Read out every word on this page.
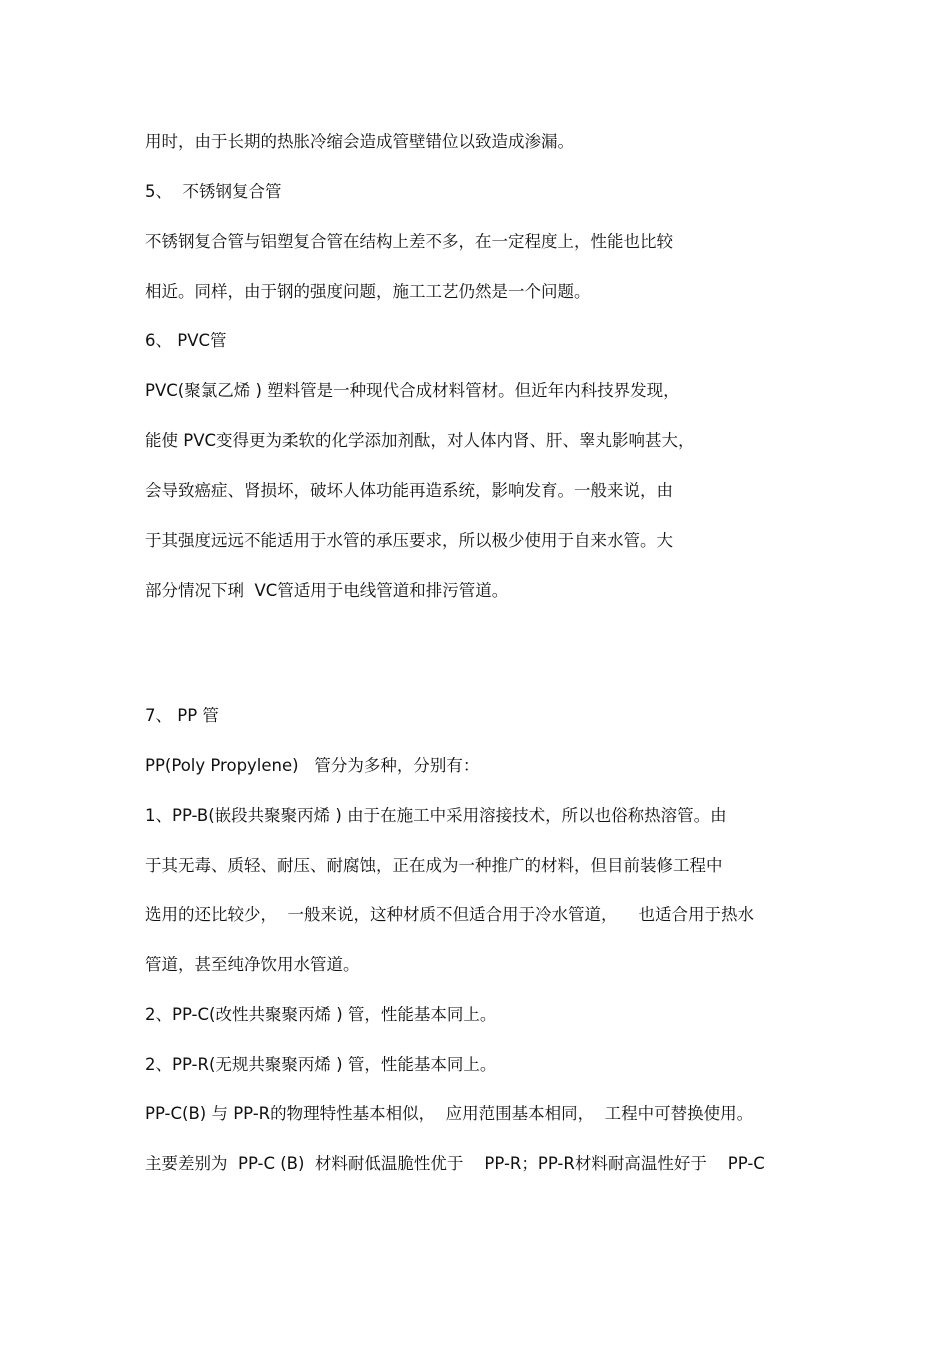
用时，由于长期的热胀冷缩会造成管壁错位以致造成渗漏。

5、  不锈钢复合管

不锈钢复合管与铝塑复合管在结构上差不多，在一定程度上，性能也比较

相近。同样，由于钢的强度问题，施工工艺仍然是一个问题。

6、 PVC管

PVC(聚氯乙烯 ) 塑料管是一种现代合成材料管材。但近年内科技界发现，

能使 PVC变得更为柔软的化学添加剂酞，对人体内肾、肝、睾丸影响甚大，

会导致癌症、肾损坏，破坏人体功能再造系统，影响发育。一般来说，由

于其强度远远不能适用于水管的承压要求，所以极少使用于自来水管。大

部分情况下琍  VC管适用于电线管道和排污管道。

7、 PP 管

PP(Poly Propylene)   管分为多种，分别有：

1、PP-B(嵌段共聚聚丙烯 ) 由于在施工中采用溶接技术，所以也俗称热溶管。由

于其无毒、质轻、耐压、耐腐蚀，正在成为一种推广的材料，但目前装修工程中

选用的还比较少，  一般来说，这种材质不但适合用于冷水管道，    也适合用于热水

管道，甚至纯净饮用水管道。

2、PP-C(改性共聚聚丙烯 ) 管，性能基本同上。

2、PP-R(无规共聚聚丙烯 ) 管，性能基本同上。

PP-C(B) 与 PP-R的物理特性基本相似，  应用范围基本相同，  工程中可替换使用。

主要差别为  PP-C (B)  材料耐低温脆性优于    PP-R；PP-R材料耐高温性好于    PP-C
